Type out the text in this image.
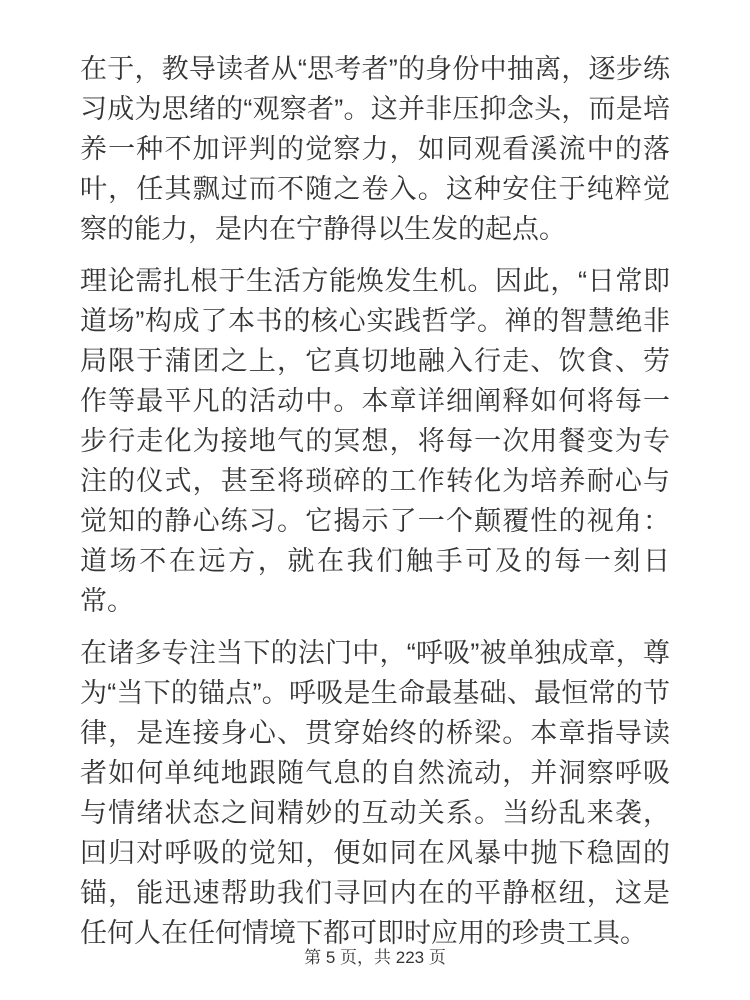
在于，教导读者从“思考者”的身份中抽离，逐步练习成为思绪的“观察者”。这并非压抑念头，而是培养一种不加评判的觉察力，如同观看溪流中的落叶，任其飘过而不随之卷入。这种安住于纯粹觉察的能力，是内在宁静得以生发的起点。

理论需扎根于生活方能焕发生机。因此，“日常即道场”构成了本书的核心实践哲学。禅的智慧绝非局限于蒲团之上，它真切地融入行走、饮食、劳作等最平凡的活动中。本章详细阐释如何将每一步行走化为接地气的冥想，将每一次用餐变为专注的仪式，甚至将琐碎的工作转化为培养耐心与觉知的静心练习。它揭示了一个颠覆性的视角：道场不在远方，就在我们触手可及的每一刻日常。

在诸多专注当下的法门中，“呼吸”被单独成章，尊为“当下的锚点”。呼吸是生命最基础、最恒常的节律，是连接身心、贯穿始终的桥梁。本章指导读者如何单纯地跟随气息的自然流动，并洞察呼吸与情绪状态之间精妙的互动关系。当纷乱来袭，回归对呼吸的觉知，便如同在风暴中抛下稳固的锚，能迅速帮助我们寻回内在的平静枢纽，这是任何人在任何情境下都可即时应用的珍贵工具。

第 5 页，共 223 页
